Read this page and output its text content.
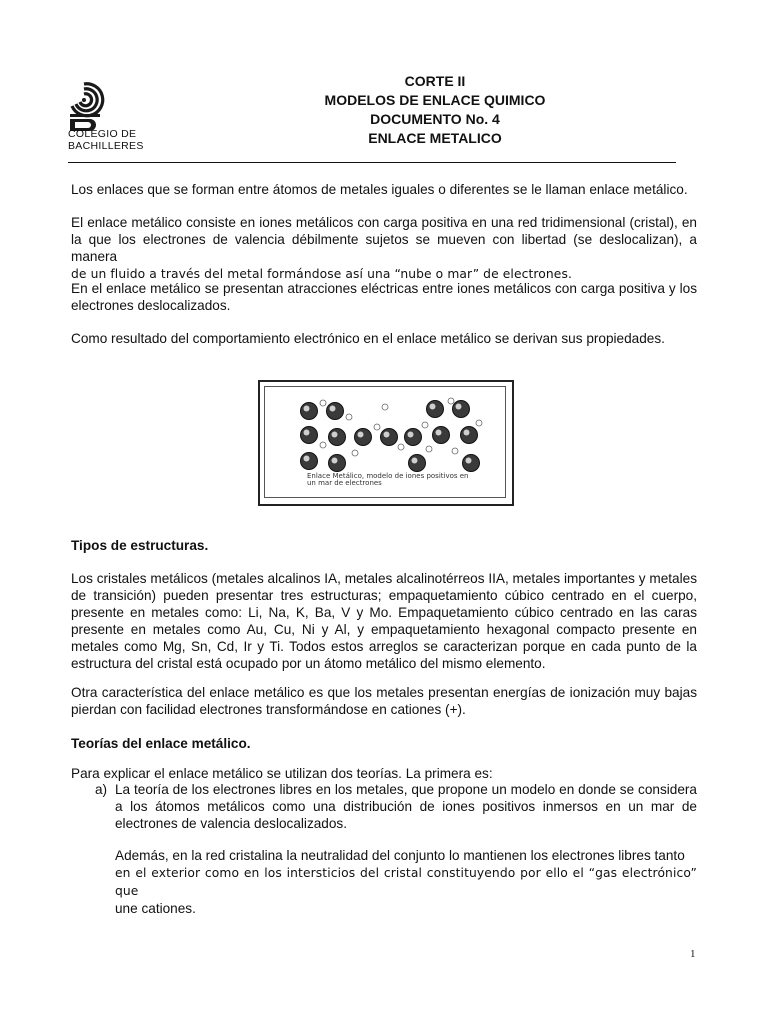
COLEGIO DE
BACHILLERES
CORTE II
MODELOS DE ENLACE QUIMICO
DOCUMENTO No. 4
ENLACE METALICO
Los enlaces que se forman entre átomos de metales iguales o diferentes se le llaman enlace metálico.
El enlace metálico consiste en iones metálicos con carga positiva en una red tridimensional (cristal), en la que los electrones de valencia débilmente sujetos se mueven con libertad (se deslocalizan), a manera
de un fluido a través del metal formándose así una “nube o mar” de electrones.
En el enlace metálico se presentan atracciones eléctricas entre iones metálicos con carga positiva y los electrones deslocalizados.
Como resultado del comportamiento electrónico en el enlace metálico se derivan sus propiedades.
Enlace Metálico, modelo de iones positivos en
un mar de electrones
Tipos de estructuras.
Los cristales metálicos (metales alcalinos IA, metales alcalinotérreos IIA, metales importantes y metales de transición) pueden presentar tres estructuras; empaquetamiento cúbico centrado en el cuerpo, presente en metales como: Li, Na, K, Ba, V y Mo. Empaquetamiento cúbico centrado en las caras presente en metales como Au, Cu, Ni y Al, y empaquetamiento hexagonal compacto presente en metales como Mg, Sn, Cd, Ir y Ti. Todos estos arreglos se caracterizan porque en cada punto de la estructura del cristal está ocupado por un átomo metálico del mismo elemento.
Otra característica del enlace metálico es que los metales presentan energías de ionización muy bajas pierdan con facilidad electrones transformándose en cationes (+).
Teorías del enlace metálico.
Para explicar el enlace metálico se utilizan dos teorías. La primera es:
a) La teoría de los electrones libres en los metales, que propone un modelo en donde se considera a los átomos metálicos como una distribución de iones positivos inmersos en un mar de electrones de valencia deslocalizados.
Además, en la red cristalina la neutralidad del conjunto lo mantienen los electrones libres tanto
en el exterior como en los intersticios del cristal constituyendo por ello el “gas electrónico” que
une cationes.
1
